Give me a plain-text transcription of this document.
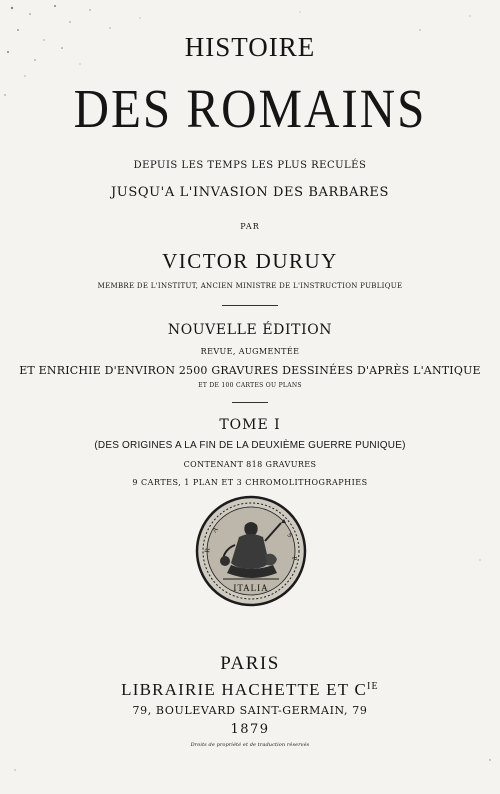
HISTOIRE
DES ROMAINS
DEPUIS LES TEMPS LES PLUS RECULÉS
JUSQU'A L'INVASION DES BARBARES
PAR
VICTOR DURUY
MEMBRE DE L'INSTITUT, ANCIEN MINISTRE DE L'INSTRUCTION PUBLIQUE
NOUVELLE ÉDITION
REVUE, AUGMENTÉE
ET ENRICHIE D'ENVIRON 2500 GRAVURES DESSINÉES D'APRÈS L'ANTIQUE
ET DE 100 CARTES OU PLANS
TOME I
(DES ORIGINES A LA FIN DE LA DEUXIÈME GUERRE PUNIQUE)
CONTENANT 818 GRAVURES
9 CARTES, 1 PLAN ET 3 CHROMOLITHOGRAPHIES
ITALIA
A
R
S
P
PARIS
LIBRAIRIE HACHETTE ET $C^{IE}$
79, BOULEVARD SAINT-GERMAIN, 79
1879
Droits de propriété et de traduction réservés
